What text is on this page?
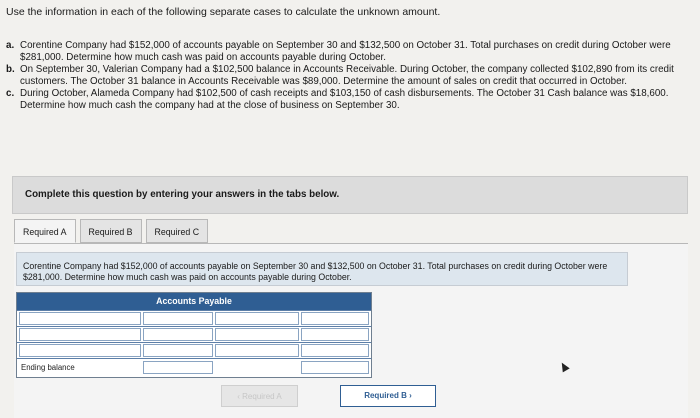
Use the information in each of the following separate cases to calculate the unknown amount.
a. Corentine Company had $152,000 of accounts payable on September 30 and $132,500 on October 31. Total purchases on credit during October were $281,000. Determine how much cash was paid on accounts payable during October.
b. On September 30, Valerian Company had a $102,500 balance in Accounts Receivable. During October, the company collected $102,890 from its credit customers. The October 31 balance in Accounts Receivable was $89,000. Determine the amount of sales on credit that occurred in October.
c. During October, Alameda Company had $102,500 of cash receipts and $103,150 of cash disbursements. The October 31 Cash balance was $18,600. Determine how much cash the company had at the close of business on September 30.
Complete this question by entering your answers in the tabs below.
Required A	Required B	Required C
Corentine Company had $152,000 of accounts payable on September 30 and $132,500 on October 31. Total purchases on credit during October were $281,000. Determine how much cash was paid on accounts payable during October.
Accounts Payable
Ending balance
‹ Required A	Required B ›
